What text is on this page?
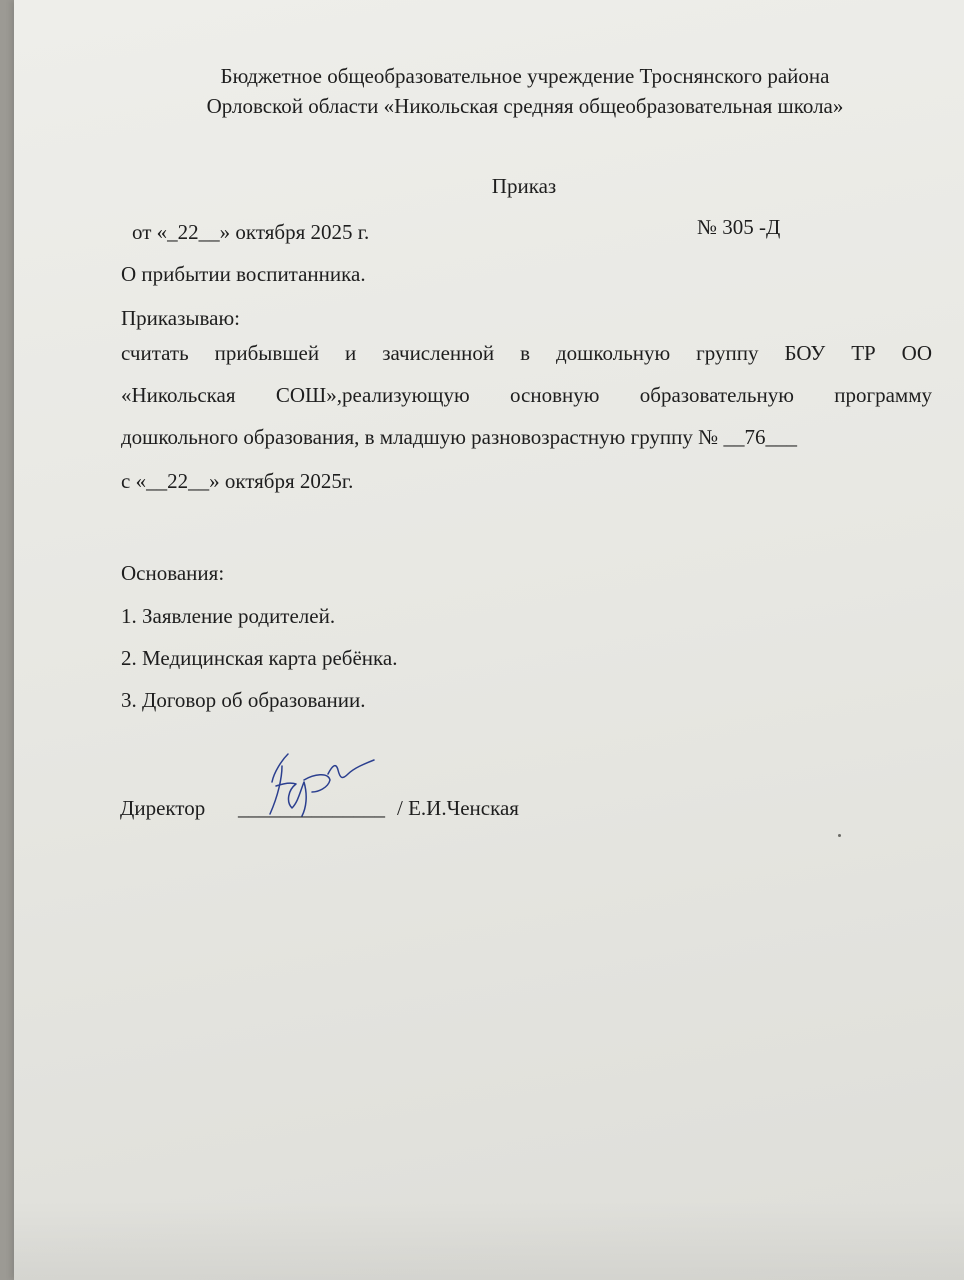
Бюджетное общеобразовательное учреждение Троснянского района
Орловской области «Никольская средняя общеобразовательная школа»
Приказ
от «_22__» октября 2025 г.	№ 305 -Д
О прибытии воспитанника.
Приказываю:
считать прибывшей и зачисленной в дошкольную группу БОУ ТР ОО
«Никольская СОШ»,реализующую основную образовательную программу
дошкольного образования, в младшую разновозрастную группу № __76___
с «__22__» октября 2025г.
Основания:
1. Заявление родителей.
2. Медицинская карта ребёнка.
3. Договор об образовании.
Директор ______________ / Е.И.Ченская
